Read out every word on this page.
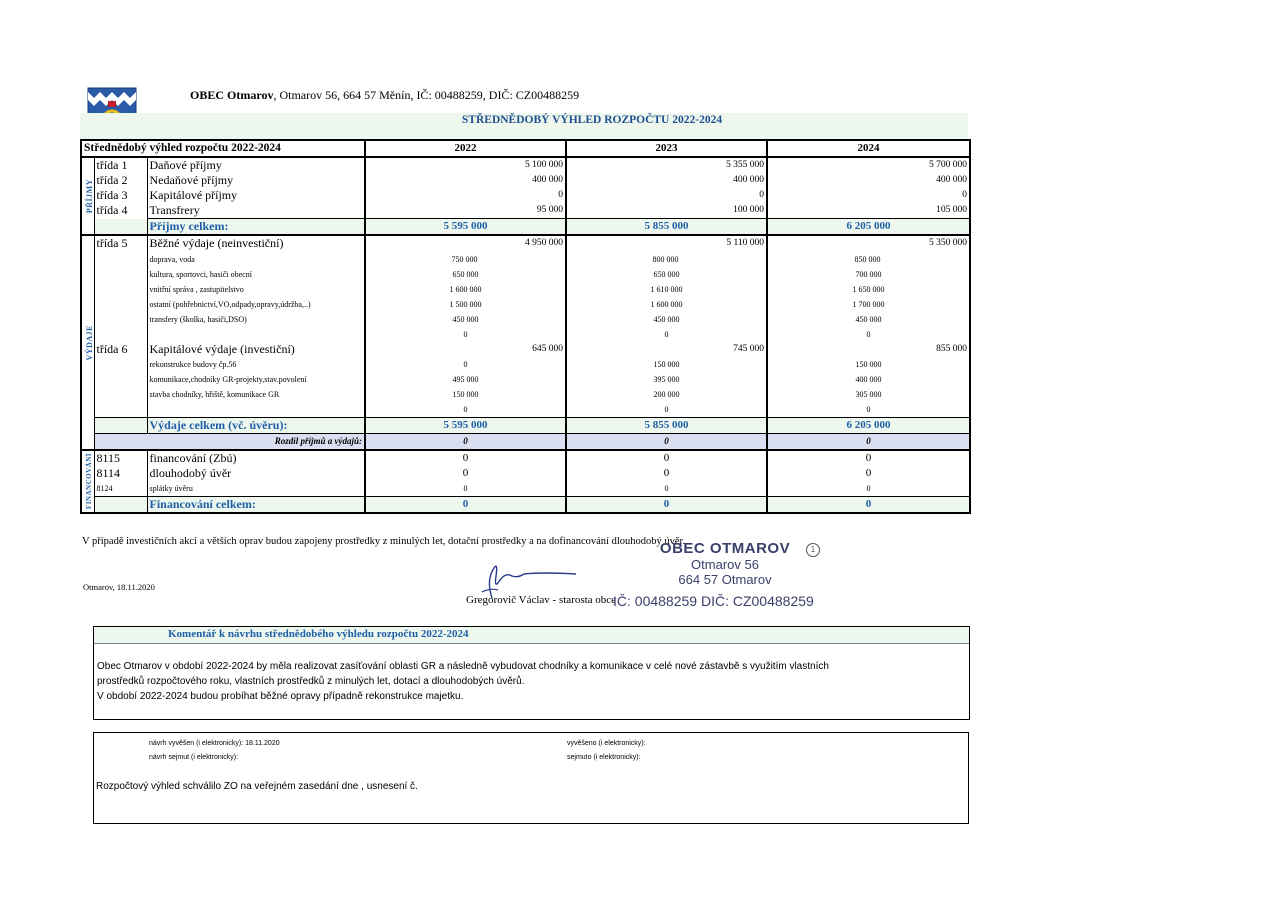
OBEC Otmarov, Otmarov 56, 664 57 Měnín, IČ: 00488259, DIČ: CZ00488259
STŘEDNĚDOBÝ VÝHLED ROZPOČTU 2022-2024
Střednědobý výhled rozpočtu 2022-2024			2022	2023	2024

PŘÍJMY	třída 1	Daňové příjmy	5 100 000	5 355 000	5 700 000
	třída 2	Nedaňové příjmy	400 000	400 000	400 000
	třída 3	Kapitálové příjmy	0	0	0
	třída 4	Transfrery	95 000	100 000	105 000
		Příjmy celkem:	5 595 000	5 855 000	6 205 000

VÝDAJE	třída 5	Běžné výdaje (neinvestiční)	4 950 000	5 110 000	5 350 000
		doprava, voda	750 000	800 000	850 000
		kultura, sportovci, hasiči obecní	650 000	650 000	700 000
		vnitřní správa , zastupitelstvo	1 600 000	1 610 000	1 650 000
		ostatní (pohřebnictví,VO,odpady,opravy,údržba,..)	1 500 000	1 600 000	1 700 000
		transfery (školka, hasiči,DSO)	450 000	450 000	450 000
			0	0	0
	třída 6	Kapitálové výdaje (investiční)	645 000	745 000	855 000
		rekonstrukce budovy čp.56	0	150 000	150 000
		komunikace,chodníky GR-projekty,stav.povolení	495 000	395 000	400 000
		stavba chodníky, hřiště, komunikace GR	150 000	200 000	305 000
			0	0	0
		Výdaje celkem (vč. úvěru):	5 595 000	5 855 000	6 205 000
	Rozdíl příjmů a výdajů:		0	0	0

FINANCOVÁNÍ	8115	financování (Zbú)	0	0	0
	8114	dlouhodobý úvěr	0	0	0
	8124	splátky úvěru	0	0	0
		Financování celkem:	0	0	0
V případě investičních akcí a větších oprav budou zapojeny prostředky z minulých let, dotační prostředky a na dofinancování dlouhodobý úvěr.
Otmarov, 18.11.2020
OBEC OTMAROV
Otmarov 56
664 57 Otmarov
1
Gregorovič Václav - starosta obce
IČ: 00488259 DIČ: CZ00488259
Komentář k návrhu střednědobého výhledu rozpočtu 2022-2024
Obec Otmarov v období 2022-2024 by měla realizovat zasíťování oblasti GR a následně vybudovat chodníky a komunikace v celé nové zástavbě s využitím vlastních
prostředků rozpočtového roku, vlastních prostředků z minulých let, dotací a dlouhodobých úvěrů.
V období 2022-2024 budou probíhat běžné opravy případně rekonstrukce majetku.
návrh vyvěšen (i elektronicky): 18.11.2020
návrh sejmut (i elektronicky):
vyvěšeno (i elektronicky):
sejmuto (i elektronicky):
Rozpočtový výhled schválilo ZO na veřejném zasedání dne , usnesení č.
